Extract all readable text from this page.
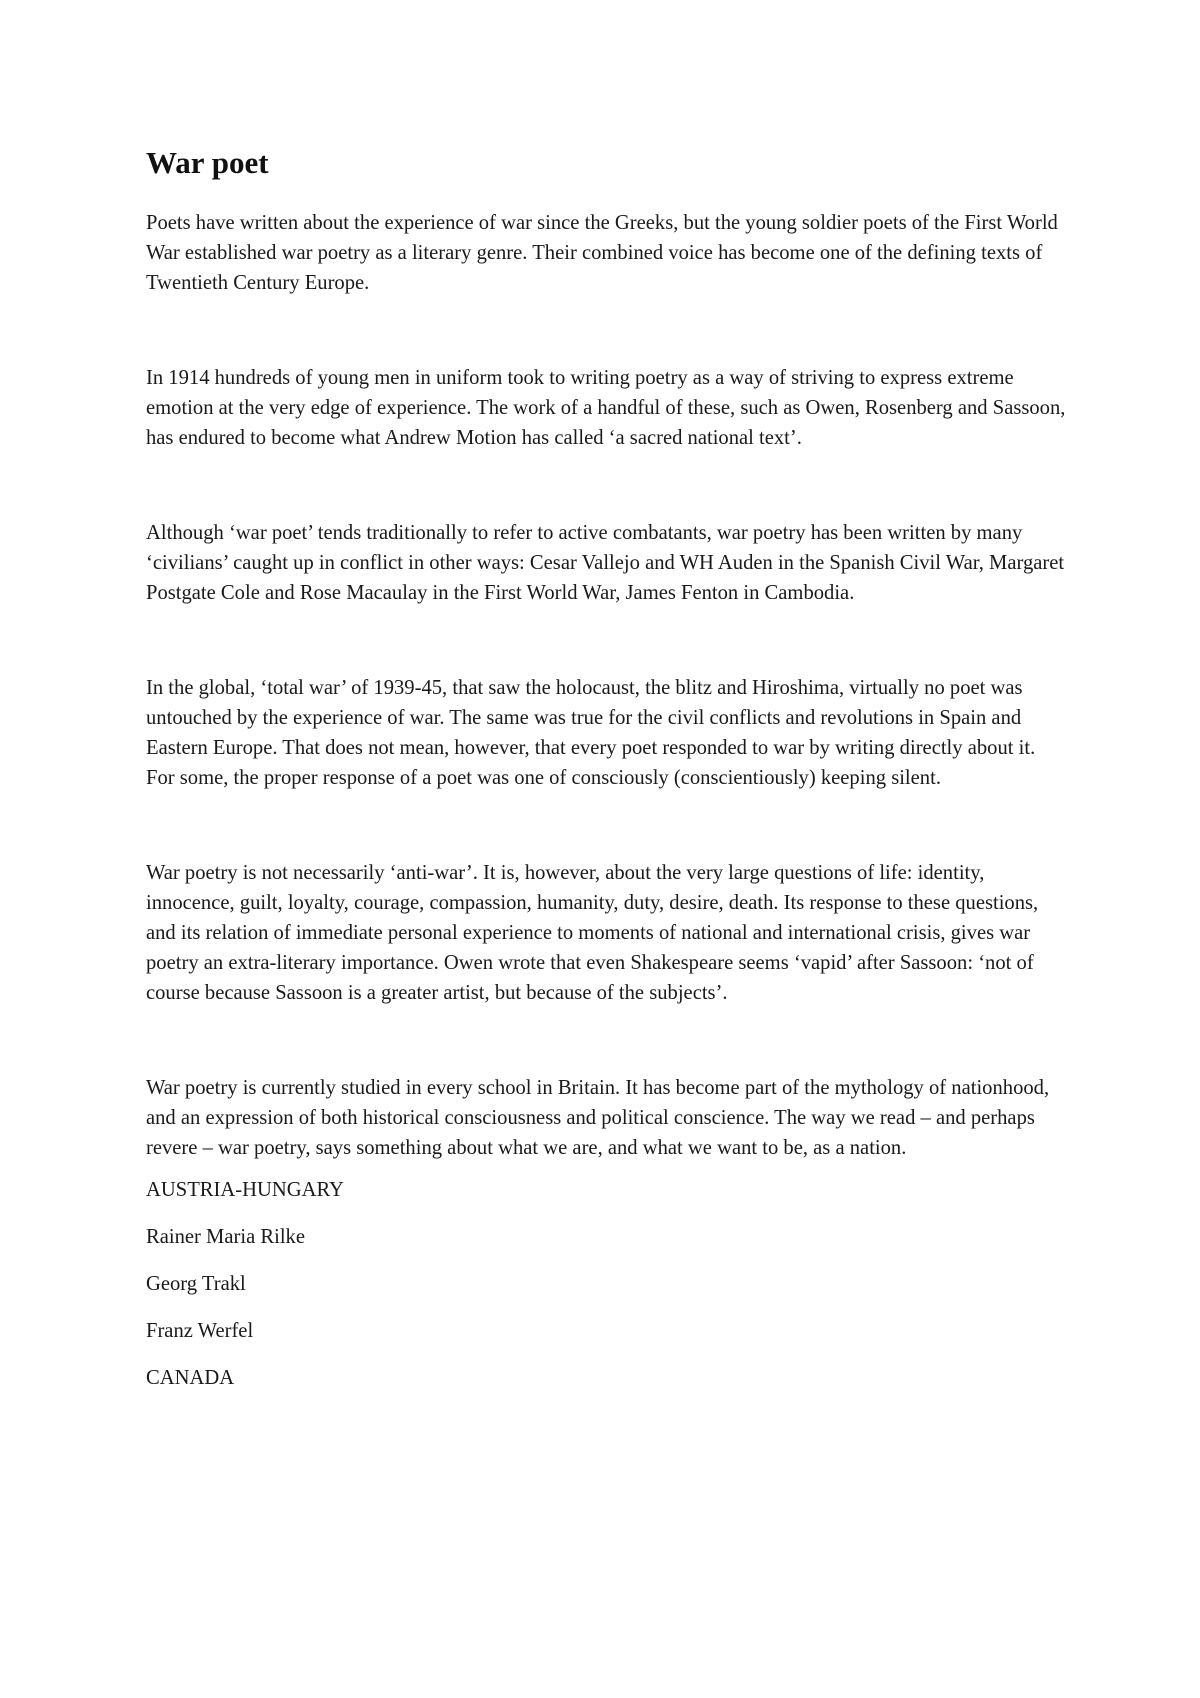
War poet

Poets have written about the experience of war since the Greeks, but the young soldier poets of the First World War established war poetry as a literary genre. Their combined voice has become one of the defining texts of Twentieth Century Europe.

In 1914 hundreds of young men in uniform took to writing poetry as a way of striving to express extreme emotion at the very edge of experience. The work of a handful of these, such as Owen, Rosenberg and Sassoon, has endured to become what Andrew Motion has called ‘a sacred national text’.

Although ‘war poet’ tends traditionally to refer to active combatants, war poetry has been written by many ‘civilians’ caught up in conflict in other ways: Cesar Vallejo and WH Auden in the Spanish Civil War, Margaret Postgate Cole and Rose Macaulay in the First World War, James Fenton in Cambodia.

In the global, ‘total war’ of 1939-45, that saw the holocaust, the blitz and Hiroshima, virtually no poet was untouched by the experience of war. The same was true for the civil conflicts and revolutions in Spain and Eastern Europe. That does not mean, however, that every poet responded to war by writing directly about it. For some, the proper response of a poet was one of consciously (conscientiously) keeping silent.

War poetry is not necessarily ‘anti-war’. It is, however, about the very large questions of life: identity, innocence, guilt, loyalty, courage, compassion, humanity, duty, desire, death. Its response to these questions, and its relation of immediate personal experience to moments of national and international crisis, gives war poetry an extra-literary importance. Owen wrote that even Shakespeare seems ‘vapid’ after Sassoon: ‘not of course because Sassoon is a greater artist, but because of the subjects’.

War poetry is currently studied in every school in Britain. It has become part of the mythology of nationhood, and an expression of both historical consciousness and political conscience. The way we read – and perhaps revere – war poetry, says something about what we are, and what we want to be, as a nation.

AUSTRIA-HUNGARY
Rainer Maria Rilke
Georg Trakl
Franz Werfel
CANADA
